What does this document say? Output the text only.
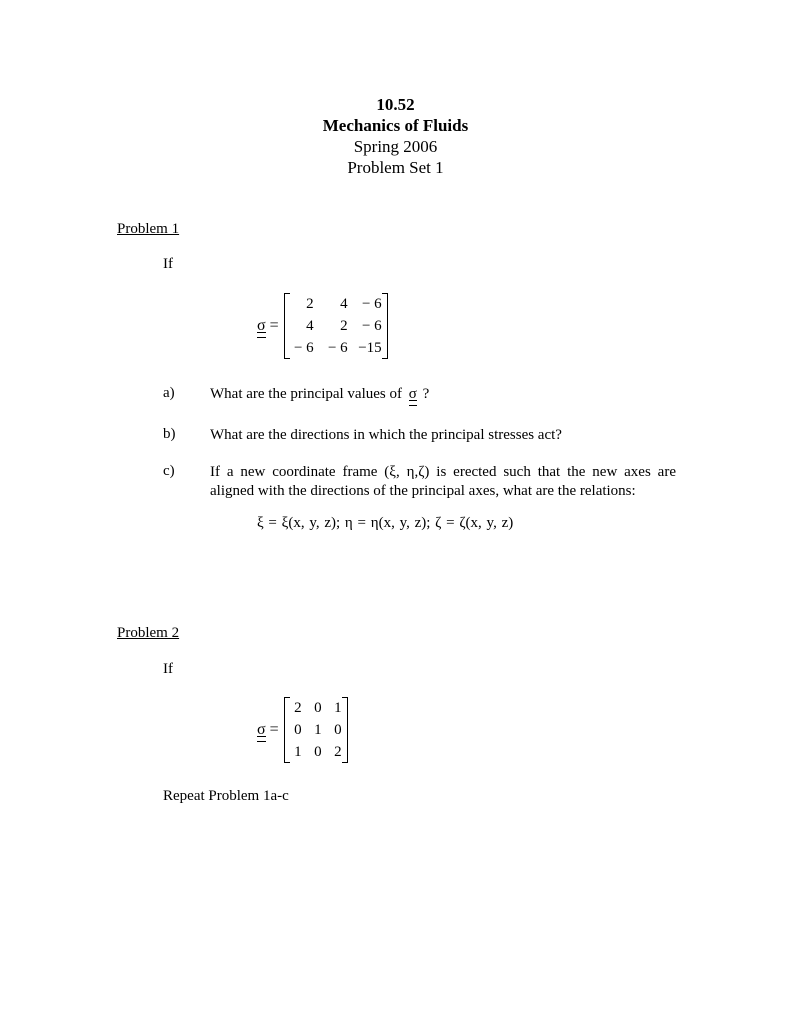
10.52
Mechanics of Fluids
Spring 2006
Problem Set 1
Problem 1
If
σ =
2	4	− 6
4	2	− 6
− 6	− 6	−15
a) What are the principal values of σ ?
b) What are the directions in which the principal stresses act?
c) If a new coordinate frame (ξ, η,ζ) is erected such that the new axes are aligned with the directions of the principal axes, what are the relations:
ξ = ξ(x, y, z); η = η(x, y, z); ζ = ζ(x, y, z)
Problem 2
If
σ =
2	0	1
0	1	0
1	0	2
Repeat Problem 1a-c
